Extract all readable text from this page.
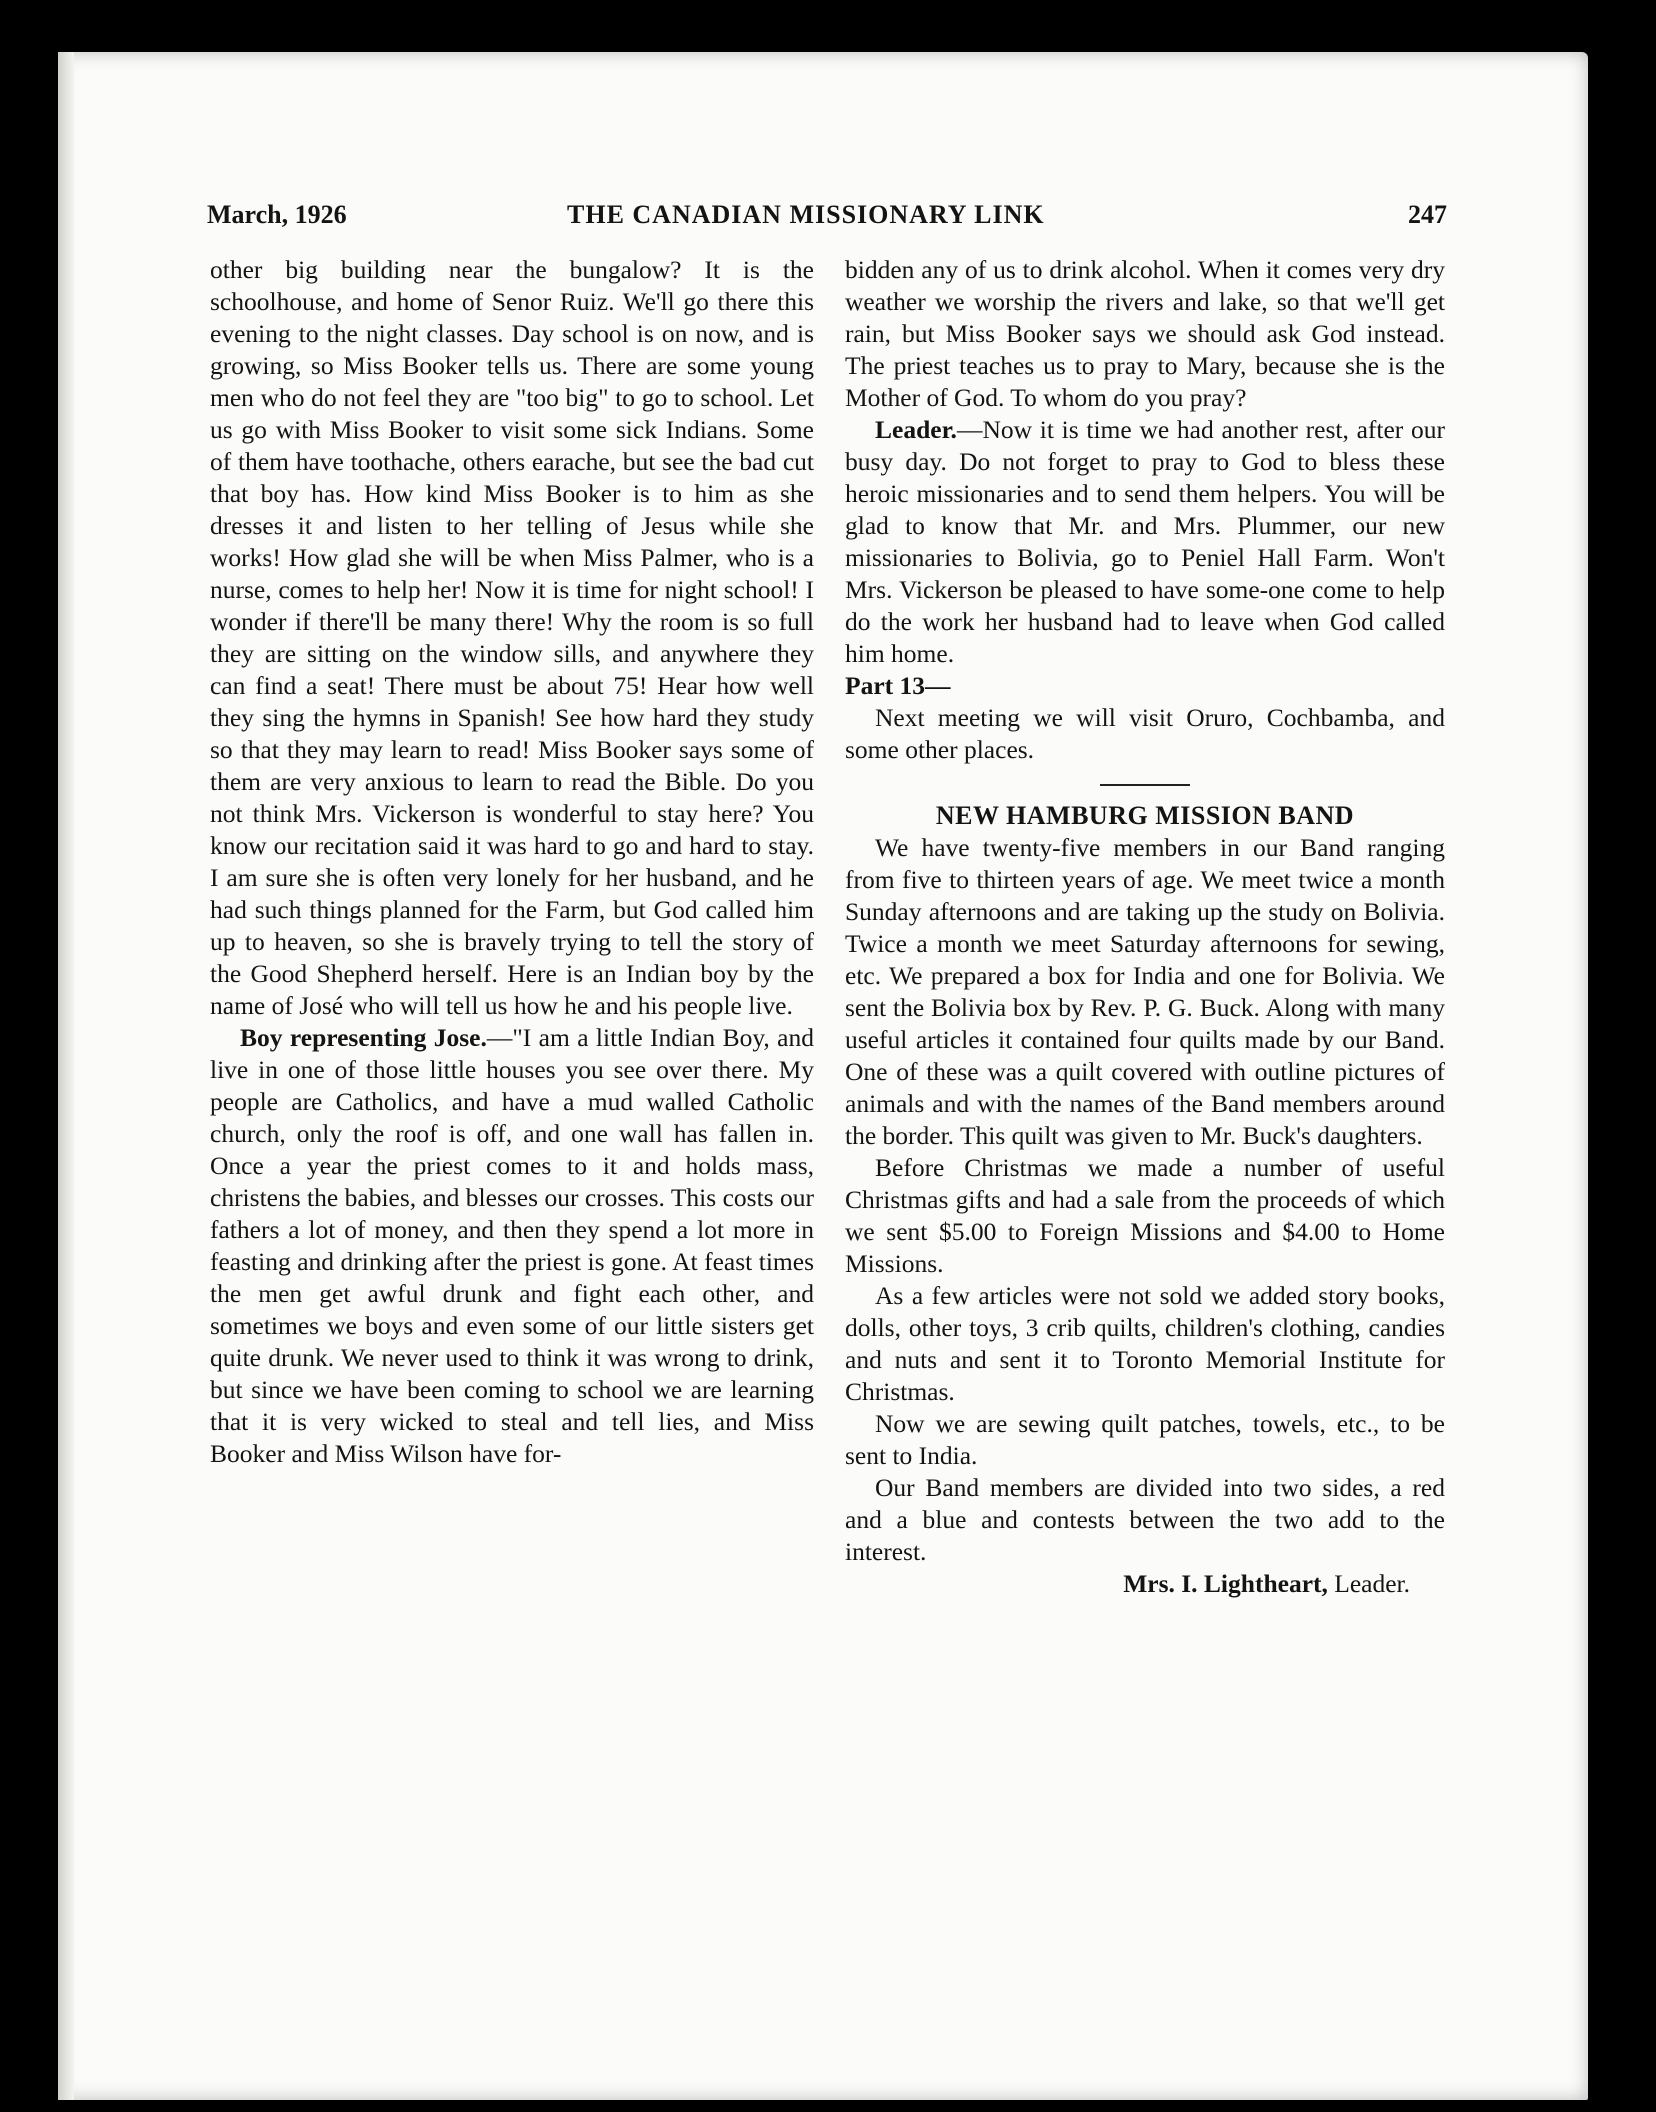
March, 1926	THE CANADIAN MISSIONARY LINK	247

other big building near the bungalow? It is the schoolhouse, and home of Senor Ruiz. We'll go there this evening to the night classes. Day school is on now, and is growing, so Miss Booker tells us. There are some young men who do not feel they are "too big" to go to school. Let us go with Miss Booker to visit some sick Indians. Some of them have toothache, others earache, but see the bad cut that boy has. How kind Miss Booker is to him as she dresses it and listen to her telling of Jesus while she works! How glad she will be when Miss Palmer, who is a nurse, comes to help her! Now it is time for night school! I wonder if there'll be many there! Why the room is so full they are sitting on the window sills, and anywhere they can find a seat! There must be about 75! Hear how well they sing the hymns in Spanish! See how hard they study so that they may learn to read! Miss Booker says some of them are very anxious to learn to read the Bible. Do you not think Mrs. Vickerson is wonderful to stay here? You know our recitation said it was hard to go and hard to stay. I am sure she is often very lonely for her husband, and he had such things planned for the Farm, but God called him up to heaven, so she is bravely trying to tell the story of the Good Shepherd herself. Here is an Indian boy by the name of José who will tell us how he and his people live.

Boy representing Jose.—"I am a little Indian Boy, and live in one of those little houses you see over there. My people are Catholics, and have a mud walled Catholic church, only the roof is off, and one wall has fallen in. Once a year the priest comes to it and holds mass, christens the babies, and blesses our crosses. This costs our fathers a lot of money, and then they spend a lot more in feasting and drinking after the priest is gone. At feast times the men get awful drunk and fight each other, and sometimes we boys and even some of our little sisters get quite drunk. We never used to think it was wrong to drink, but since we have been coming to school we are learning that it is very wicked to steal and tell lies, and Miss Booker and Miss Wilson have for-

bidden any of us to drink alcohol. When it comes very dry weather we worship the rivers and lake, so that we'll get rain, but Miss Booker says we should ask God instead. The priest teaches us to pray to Mary, because she is the Mother of God. To whom do you pray?

Leader.—Now it is time we had another rest, after our busy day. Do not forget to pray to God to bless these heroic missionaries and to send them helpers. You will be glad to know that Mr. and Mrs. Plummer, our new missionaries to Bolivia, go to Peniel Hall Farm. Won't Mrs. Vickerson be pleased to have some-one come to help do the work her husband had to leave when God called him home.

Part 13—

Next meeting we will visit Oruro, Cochbamba, and some other places.

NEW HAMBURG MISSION BAND

We have twenty-five members in our Band ranging from five to thirteen years of age. We meet twice a month Sunday afternoons and are taking up the study on Bolivia. Twice a month we meet Saturday afternoons for sewing, etc. We prepared a box for India and one for Bolivia. We sent the Bolivia box by Rev. P. G. Buck. Along with many useful articles it contained four quilts made by our Band. One of these was a quilt covered with outline pictures of animals and with the names of the Band members around the border. This quilt was given to Mr. Buck's daughters.

Before Christmas we made a number of useful Christmas gifts and had a sale from the proceeds of which we sent $5.00 to Foreign Missions and $4.00 to Home Missions.

As a few articles were not sold we added story books, dolls, other toys, 3 crib quilts, children's clothing, candies and nuts and sent it to Toronto Memorial Institute for Christmas.

Now we are sewing quilt patches, towels, etc., to be sent to India.

Our Band members are divided into two sides, a red and a blue and contests between the two add to the interest.

Mrs. I. Lightheart, Leader.
